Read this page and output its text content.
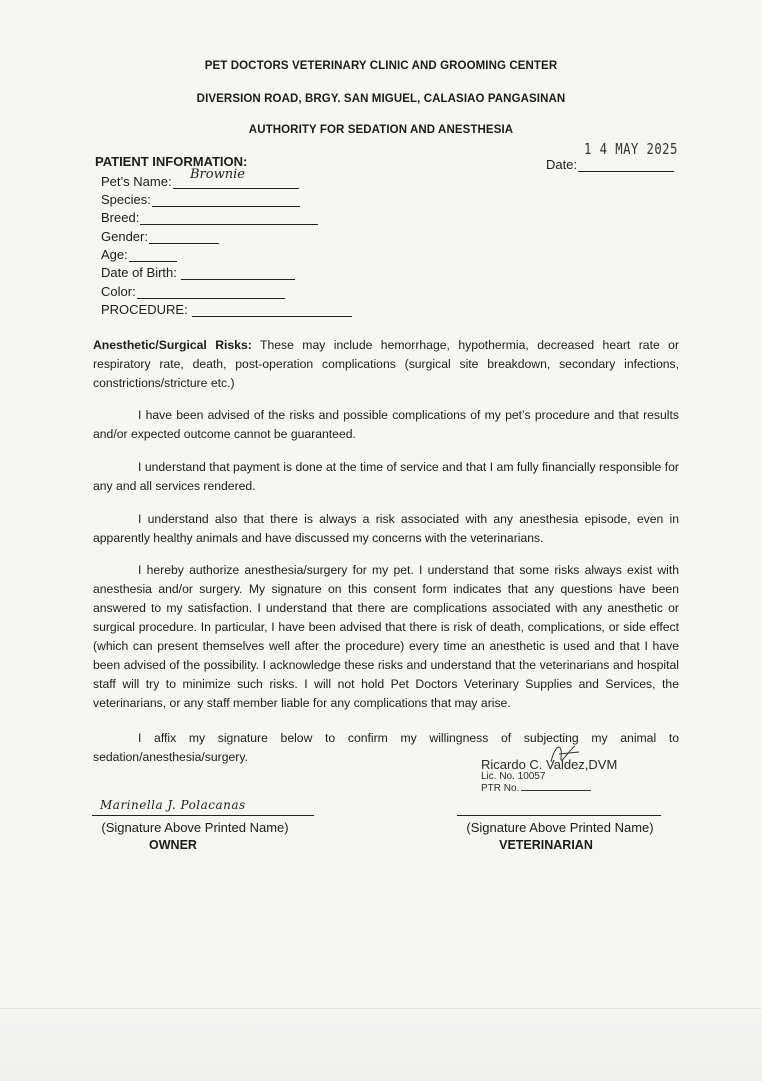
PET DOCTORS VETERINARY CLINIC AND GROOMING CENTER
DIVERSION ROAD, BRGY. SAN MIGUEL, CALASIAO PANGASINAN
AUTHORITY FOR SEDATION AND ANESTHESIA
PATIENT INFORMATION:	Date:
1 4 MAY 2025
Pet’s Name: Brownie
Species:
Breed:
Gender:
Age:
Date of Birth:
Color:
PROCEDURE:
Anesthetic/Surgical Risks: These may include hemorrhage, hypothermia, decreased heart rate or respiratory rate, death, post-operation complications (surgical site breakdown, secondary infections, constrictions/stricture etc.)
I have been advised of the risks and possible complications of my pet’s procedure and that results and/or expected outcome cannot be guaranteed.
I understand that payment is done at the time of service and that I am fully financially responsible for any and all services rendered.
I understand also that there is always a risk associated with any anesthesia episode, even in apparently healthy animals and have discussed my concerns with the veterinarians.
I hereby authorize anesthesia/surgery for my pet. I understand that some risks always exist with anesthesia and/or surgery. My signature on this consent form indicates that any questions have been answered to my satisfaction. I understand that there are complications associated with any anesthetic or surgical procedure. In particular, I have been advised that there is risk of death, complications, or side effect (which can present themselves well after the procedure) every time an anesthetic is used and that I have been advised of the possibility. I acknowledge these risks and understand that the veterinarians and hospital staff will try to minimize such risks. I will not hold Pet Doctors Veterinary Supplies and Services, the veterinarians, or any staff member liable for any complications that may arise.
I affix my signature below to confirm my willingness of subjecting my animal to sedation/anesthesia/surgery.
Marinella J. Polacanas
(Signature Above Printed Name)
OWNER
Ricardo C. Valdez,DVM
Lic. No. 10057
PTR No.
(Signature Above Printed Name)
VETERINARIAN
